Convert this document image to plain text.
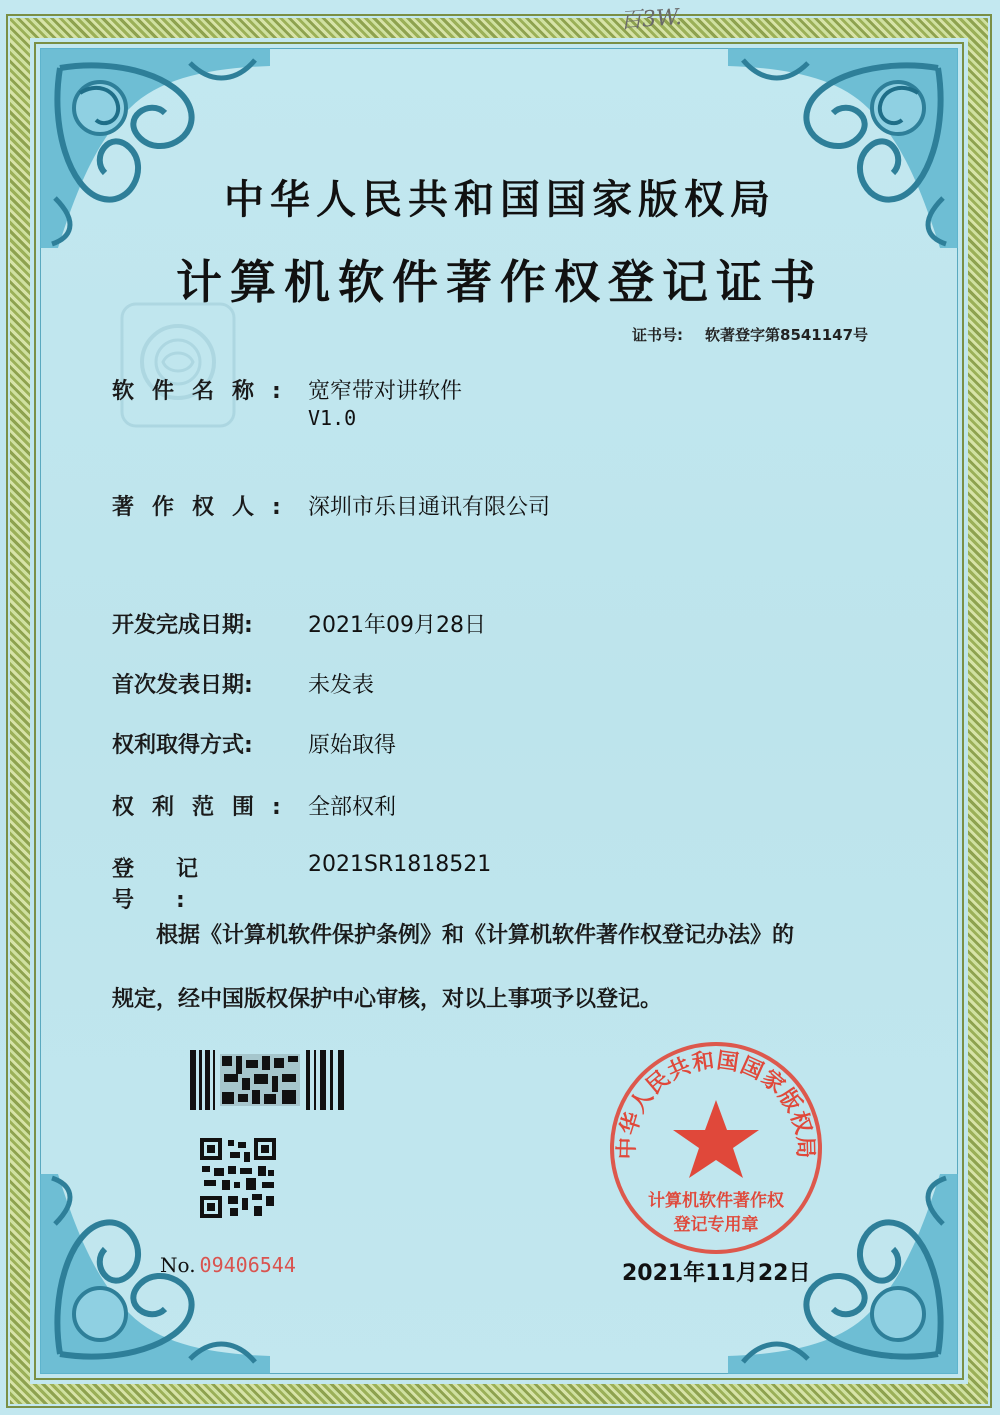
百3W.
中华人民共和国国家版权局
计算机软件著作权登记证书
证书号: 软著登字第8541147号
软件名称: 宽窄带对讲软件
V1.0
著作权人: 深圳市乐目通讯有限公司
开发完成日期:	2021年09月28日
首次发表日期:	未发表
权利取得方式:	原始取得
权利范围: 全部权利
登记号:
2021SR1818521
根据《计算机软件保护条例》和《计算机软件著作权登记办法》的
规定，经中国版权保护中心审核，对以上事项予以登记。
No. 09406544
中华人民共和国国家版权局
计算机软件著作权
登记专用章
2021年11月22日
